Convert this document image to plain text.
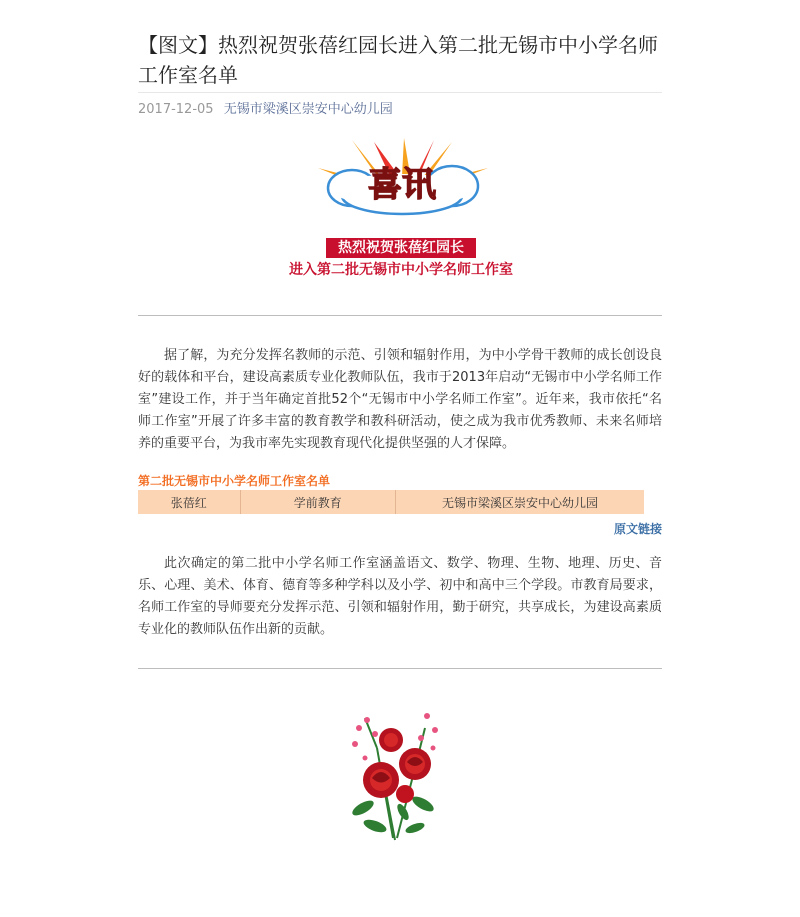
【图文】热烈祝贺张蓓红园长进入第二批无锡市中小学名师工作室名单
2017-12-05 无锡市梁溪区崇安中心幼儿园
喜讯
热烈祝贺张蓓红园长
进入第二批无锡市中小学名师工作室

据了解，为充分发挥名教师的示范、引领和辐射作用，为中小学骨干教师的成长创设良好的载体和平台，建设高素质专业化教师队伍，我市于2013年启动“无锡市中小学名师工作室”建设工作，并于当年确定首批52个“无锡市中小学名师工作室”。近年来，我市依托“名师工作室”开展了许多丰富的教育教学和教科研活动，使之成为我市优秀教师、未来名师培养的重要平台，为我市率先实现教育现代化提供坚强的人才保障。

第二批无锡市中小学名师工作室名单
张蓓红	学前教育	无锡市梁溪区崇安中心幼儿园
原文链接

此次确定的第二批中小学名师工作室涵盖语文、数学、物理、生物、地理、历史、音乐、心理、美术、体育、德育等多种学科以及小学、初中和高中三个学段。市教育局要求，名师工作室的导师要充分发挥示范、引领和辐射作用，勤于研究，共享成长，为建设高素质专业化的教师队伍作出新的贡献。
